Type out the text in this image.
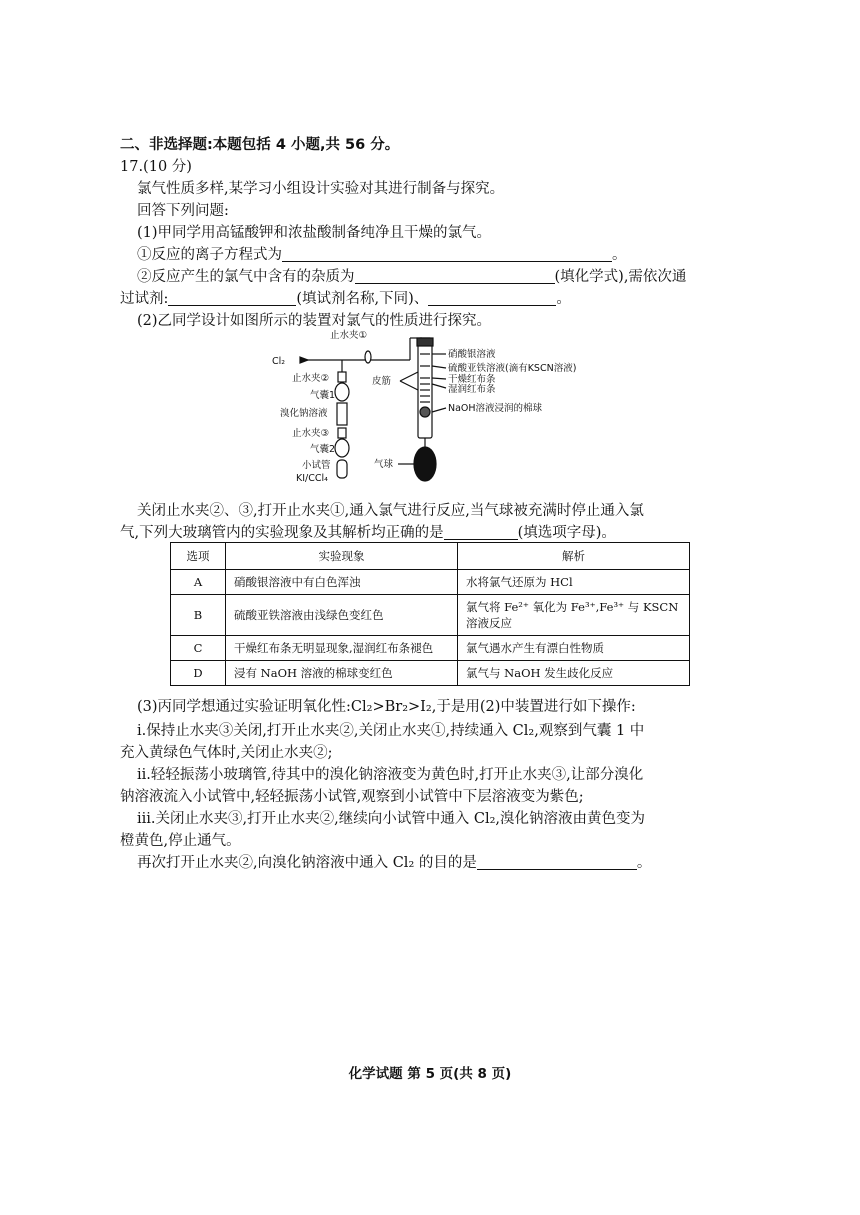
二、非选择题:本题包括 4 小题,共 56 分。
17.(10 分)
氯气性质多样,某学习小组设计实验对其进行制备与探究。
回答下列问题:
(1)甲同学用高锰酸钾和浓盐酸制备纯净且干燥的氯气。
①反应的离子方程式为	。
②反应产生的氯气中含有的杂质为	(填化学式),需依次通
过试剂:	(填试剂名称,下同)、	。
(2)乙同学设计如图所示的装置对氯气的性质进行探究。
止水夹①
Cl₂
止水夹②	皮筋
硝酸银溶液
硫酸亚铁溶液(滴有KSCN溶液)
干燥红布条
湿润红布条
NaOH溶液浸润的棉球
气囊1
溴化钠溶液
止水夹③
气囊2
小试管
KI/CCl₄
气球
关闭止水夹②、③,打开止水夹①,通入氯气进行反应,当气球被充满时停止通入氯
气,下列大玻璃管内的实验现象及其解析均正确的是	(填选项字母)。
选项	实验现象	解析
A	硝酸银溶液中有白色浑浊	水将氯气还原为 HCl
B	硫酸亚铁溶液由浅绿色变红色	氯气将 Fe²⁺ 氧化为 Fe³⁺,Fe³⁺ 与 KSCN 溶液反应
C	干燥红布条无明显现象,湿润红布条褪色	氯气遇水产生有漂白性物质
D	浸有 NaOH 溶液的棉球变红色	氯气与 NaOH 发生歧化反应
(3)丙同学想通过实验证明氧化性:Cl₂>Br₂>I₂,于是用(2)中装置进行如下操作:
ⅰ.保持止水夹③关闭,打开止水夹②,关闭止水夹①,持续通入 Cl₂,观察到气囊 1 中
充入黄绿色气体时,关闭止水夹②;
ⅱ.轻轻振荡小玻璃管,待其中的溴化钠溶液变为黄色时,打开止水夹③,让部分溴化
钠溶液流入小试管中,轻轻振荡小试管,观察到小试管中下层溶液变为紫色;
ⅲ.关闭止水夹③,打开止水夹②,继续向小试管中通入 Cl₂,溴化钠溶液由黄色变为
橙黄色,停止通气。
再次打开止水夹②,向溴化钠溶液中通入 Cl₂ 的目的是	。
化学试题 第 5 页(共 8 页)
